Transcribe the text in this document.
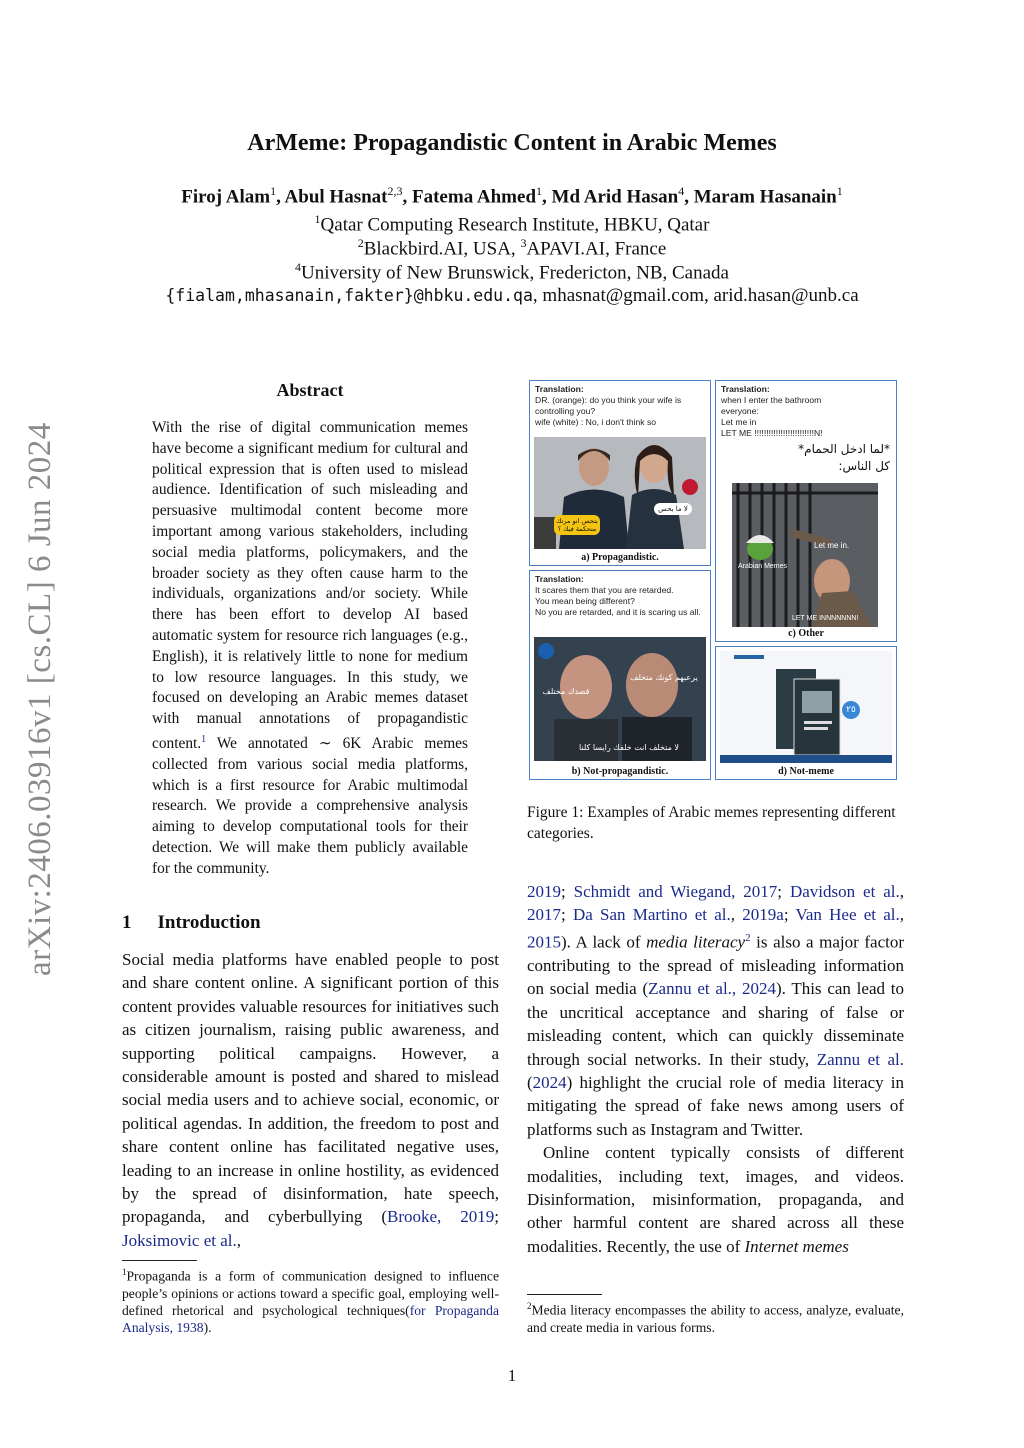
arXiv:2406.03916v1 [cs.CL] 6 Jun 2024
ArMeme: Propagandistic Content in Arabic Memes
Firoj Alam$^1$, Abul Hasnat$^{2,3}$, Fatema Ahmed$^1$, Md Arid Hasan$^4$, Maram Hasanain$^1$
$^1$Qatar Computing Research Institute, HBKU, Qatar
$^2$Blackbird.AI, USA, $^3$APAVI.AI, France
$^4$University of New Brunswick, Fredericton, NB, Canada
{fialam,mhasanain,fakter}@hbku.edu.qa, mhasnat@gmail.com, arid.hasan@unb.ca
Abstract
With the rise of digital communication memes have become a significant medium for cultural and political expression that is often used to mislead audience. Identification of such misleading and persuasive multimodal content become more important among various stakeholders, including social media platforms, policymakers, and the broader society as they often cause harm to the individuals, organizations and/or society. While there has been effort to develop AI based automatic system for resource rich languages (e.g., English), it is relatively little to none for medium to low resource languages. In this study, we focused on developing an Arabic memes dataset with manual annotations of propagandistic content.$^1$ We annotated ∼ 6K Arabic memes collected from various social media platforms, which is a first resource for Arabic multimodal research. We provide a comprehensive analysis aiming to develop computational tools for their detection. We will make them publicly available for the community.
1 Introduction
Social media platforms have enabled people to post and share content online. A significant portion of this content provides valuable resources for initiatives such as citizen journalism, raising public awareness, and supporting political campaigns. However, a considerable amount is posted and shared to mislead social media users and to achieve social, economic, or political agendas. In addition, the freedom to post and share content online has facilitated negative uses, leading to an increase in online hostility, as evidenced by the spread of disinformation, hate speech, propaganda, and cyberbullying (Brooke, 2019; Joksimovic et al.,
$^1$Propaganda is a form of communication designed to influence people’s opinions or actions toward a specific goal, employing well-defined rhetorical and psychological techniques(for Propaganda Analysis, 1938).
2019; Schmidt and Wiegand, 2017; Davidson et al., 2017; Da San Martino et al., 2019a; Van Hee et al., 2015). A lack of media literacy$^2$ is also a major factor contributing to the spread of misleading information on social media (Zannu et al., 2024). This can lead to the uncritical acceptance and sharing of false or misleading content, which can quickly disseminate through social networks. In their study, Zannu et al. (2024) highlight the crucial role of media literacy in mitigating the spread of fake news among users of platforms such as Instagram and Twitter.
Online content typically consists of different modalities, including text, images, and videos. Disinformation, misinformation, propaganda, and other harmful content are shared across all these modalities. Recently, the use of Internet memes
$^2$Media literacy encompasses the ability to access, analyze, evaluate, and create media in various forms.
Translation:
DR. (orange): do you think your wife is
controlling you?
wife (white) : No, i don't think so
بتحس انو مرتك متحكمة فيك ؟
لا ما بحس
a) Propagandistic.
Translation:
when I enter the bathroom
everyone:
Let me in
LET ME !!!!!!!!!!!!!!!!!!!!!!!!!N!
*لما ادخل الحمام*
كل الناس:
Let me in.
Arabian Memes
LET ME INNNNNNN!
c) Other
Translation:
It scares them that you are retarded.
You mean being different?
No you are retarded, and it is scaring us all.
يرعبهم كونك متخلف
قصدك مختلف
لا متخلف انت خلفك رايسا كلنا
b) Not-propagandistic.
٢٥
d) Not-meme
Figure 1: Examples of Arabic memes representing different categories.
1
